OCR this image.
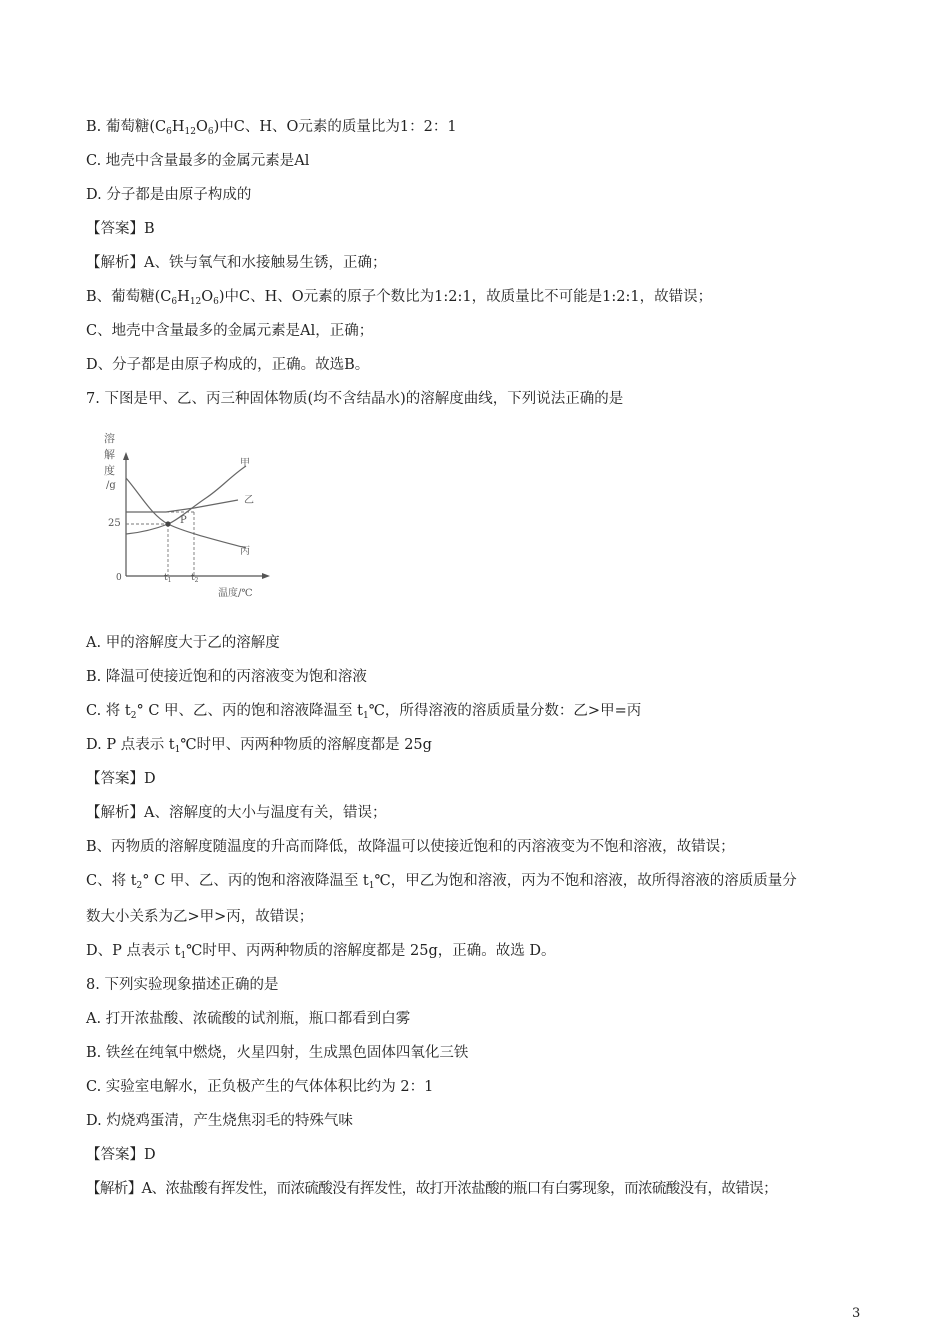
B. 葡萄糖$(C_6H_{12}O_6)$中C、H、O元素的质量比为1：2：1
C. 地壳中含量最多的金属元素是Al
D. 分子都是由原子构成的
【答案】B
【解析】A、铁与氧气和水接触易生锈，正确；
B、葡萄糖$(C_6H_{12}O_6)$中C、H、O元素的原子个数比为1:2:1，故质量比不可能是1:2:1，故错误；
C、地壳中含量最多的金属元素是Al，正确；
D、分子都是由原子构成的，正确。故选B。
7. 下图是甲、乙、丙三种固体物质(均不含结晶水)的溶解度曲线，下列说法正确的是
溶
解
度
/g
25
0
P
甲
乙
丙
$t_1$ $t_2$
温度/℃
A. 甲的溶解度大于乙的溶解度
B. 降温可使接近饱和的丙溶液变为饱和溶液
C. 将 $t_2^\circ$ C 甲、乙、丙的饱和溶液降温至 $t_1℃$，所得溶液的溶质质量分数：乙>甲=丙
D. P 点表示 $t_1℃$时甲、丙两种物质的溶解度都是 25g
【答案】D
【解析】A、溶解度的大小与温度有关，错误；
B、丙物质的溶解度随温度的升高而降低，故降温可以使接近饱和的丙溶液变为不饱和溶液，故错误；
C、将 $t_2^\circ$ C 甲、乙、丙的饱和溶液降温至 $t_1℃$，甲乙为饱和溶液，丙为不饱和溶液，故所得溶液的溶质质量分
数大小关系为乙>甲>丙，故错误；
D、P 点表示 $t_1℃$时甲、丙两种物质的溶解度都是 25g，正确。故选 D。
8. 下列实验现象描述正确的是
A. 打开浓盐酸、浓硫酸的试剂瓶，瓶口都看到白雾
B. 铁丝在纯氧中燃烧，火星四射，生成黑色固体四氧化三铁
C. 实验室电解水，正负极产生的气体体积比约为 2：1
D. 灼烧鸡蛋清，产生烧焦羽毛的特殊气味
【答案】D
【解析】A、浓盐酸有挥发性，而浓硫酸没有挥发性，故打开浓盐酸的瓶口有白雾现象，而浓硫酸没有，故错误；
3
